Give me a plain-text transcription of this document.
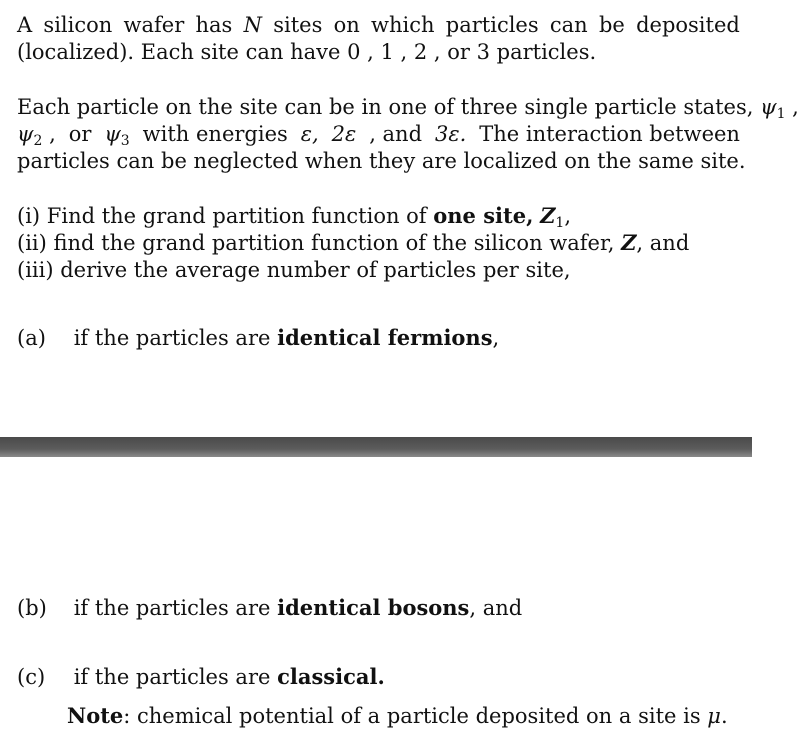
A silicon wafer has N sites on which particles can be deposited
(localized). Each site can have 0 , 1 , 2 , or 3 particles.
Each particle on the site can be in one of three single particle states, $\psi_1$ ,
$\psi_2$ , or $\psi_3$ with energies ε, 2ε , and 3ε. The interaction between
particles can be neglected when they are localized on the same site.
(i) Find the grand partition function of one site, $Z_1$,
(ii) find the grand partition function of the silicon wafer, Z, and
(iii) derive the average number of particles per site,
(a) if the particles are identical fermions,
(b) if the particles are identical bosons, and
(c) if the particles are classical.
Note: chemical potential of a particle deposited on a site is μ.
